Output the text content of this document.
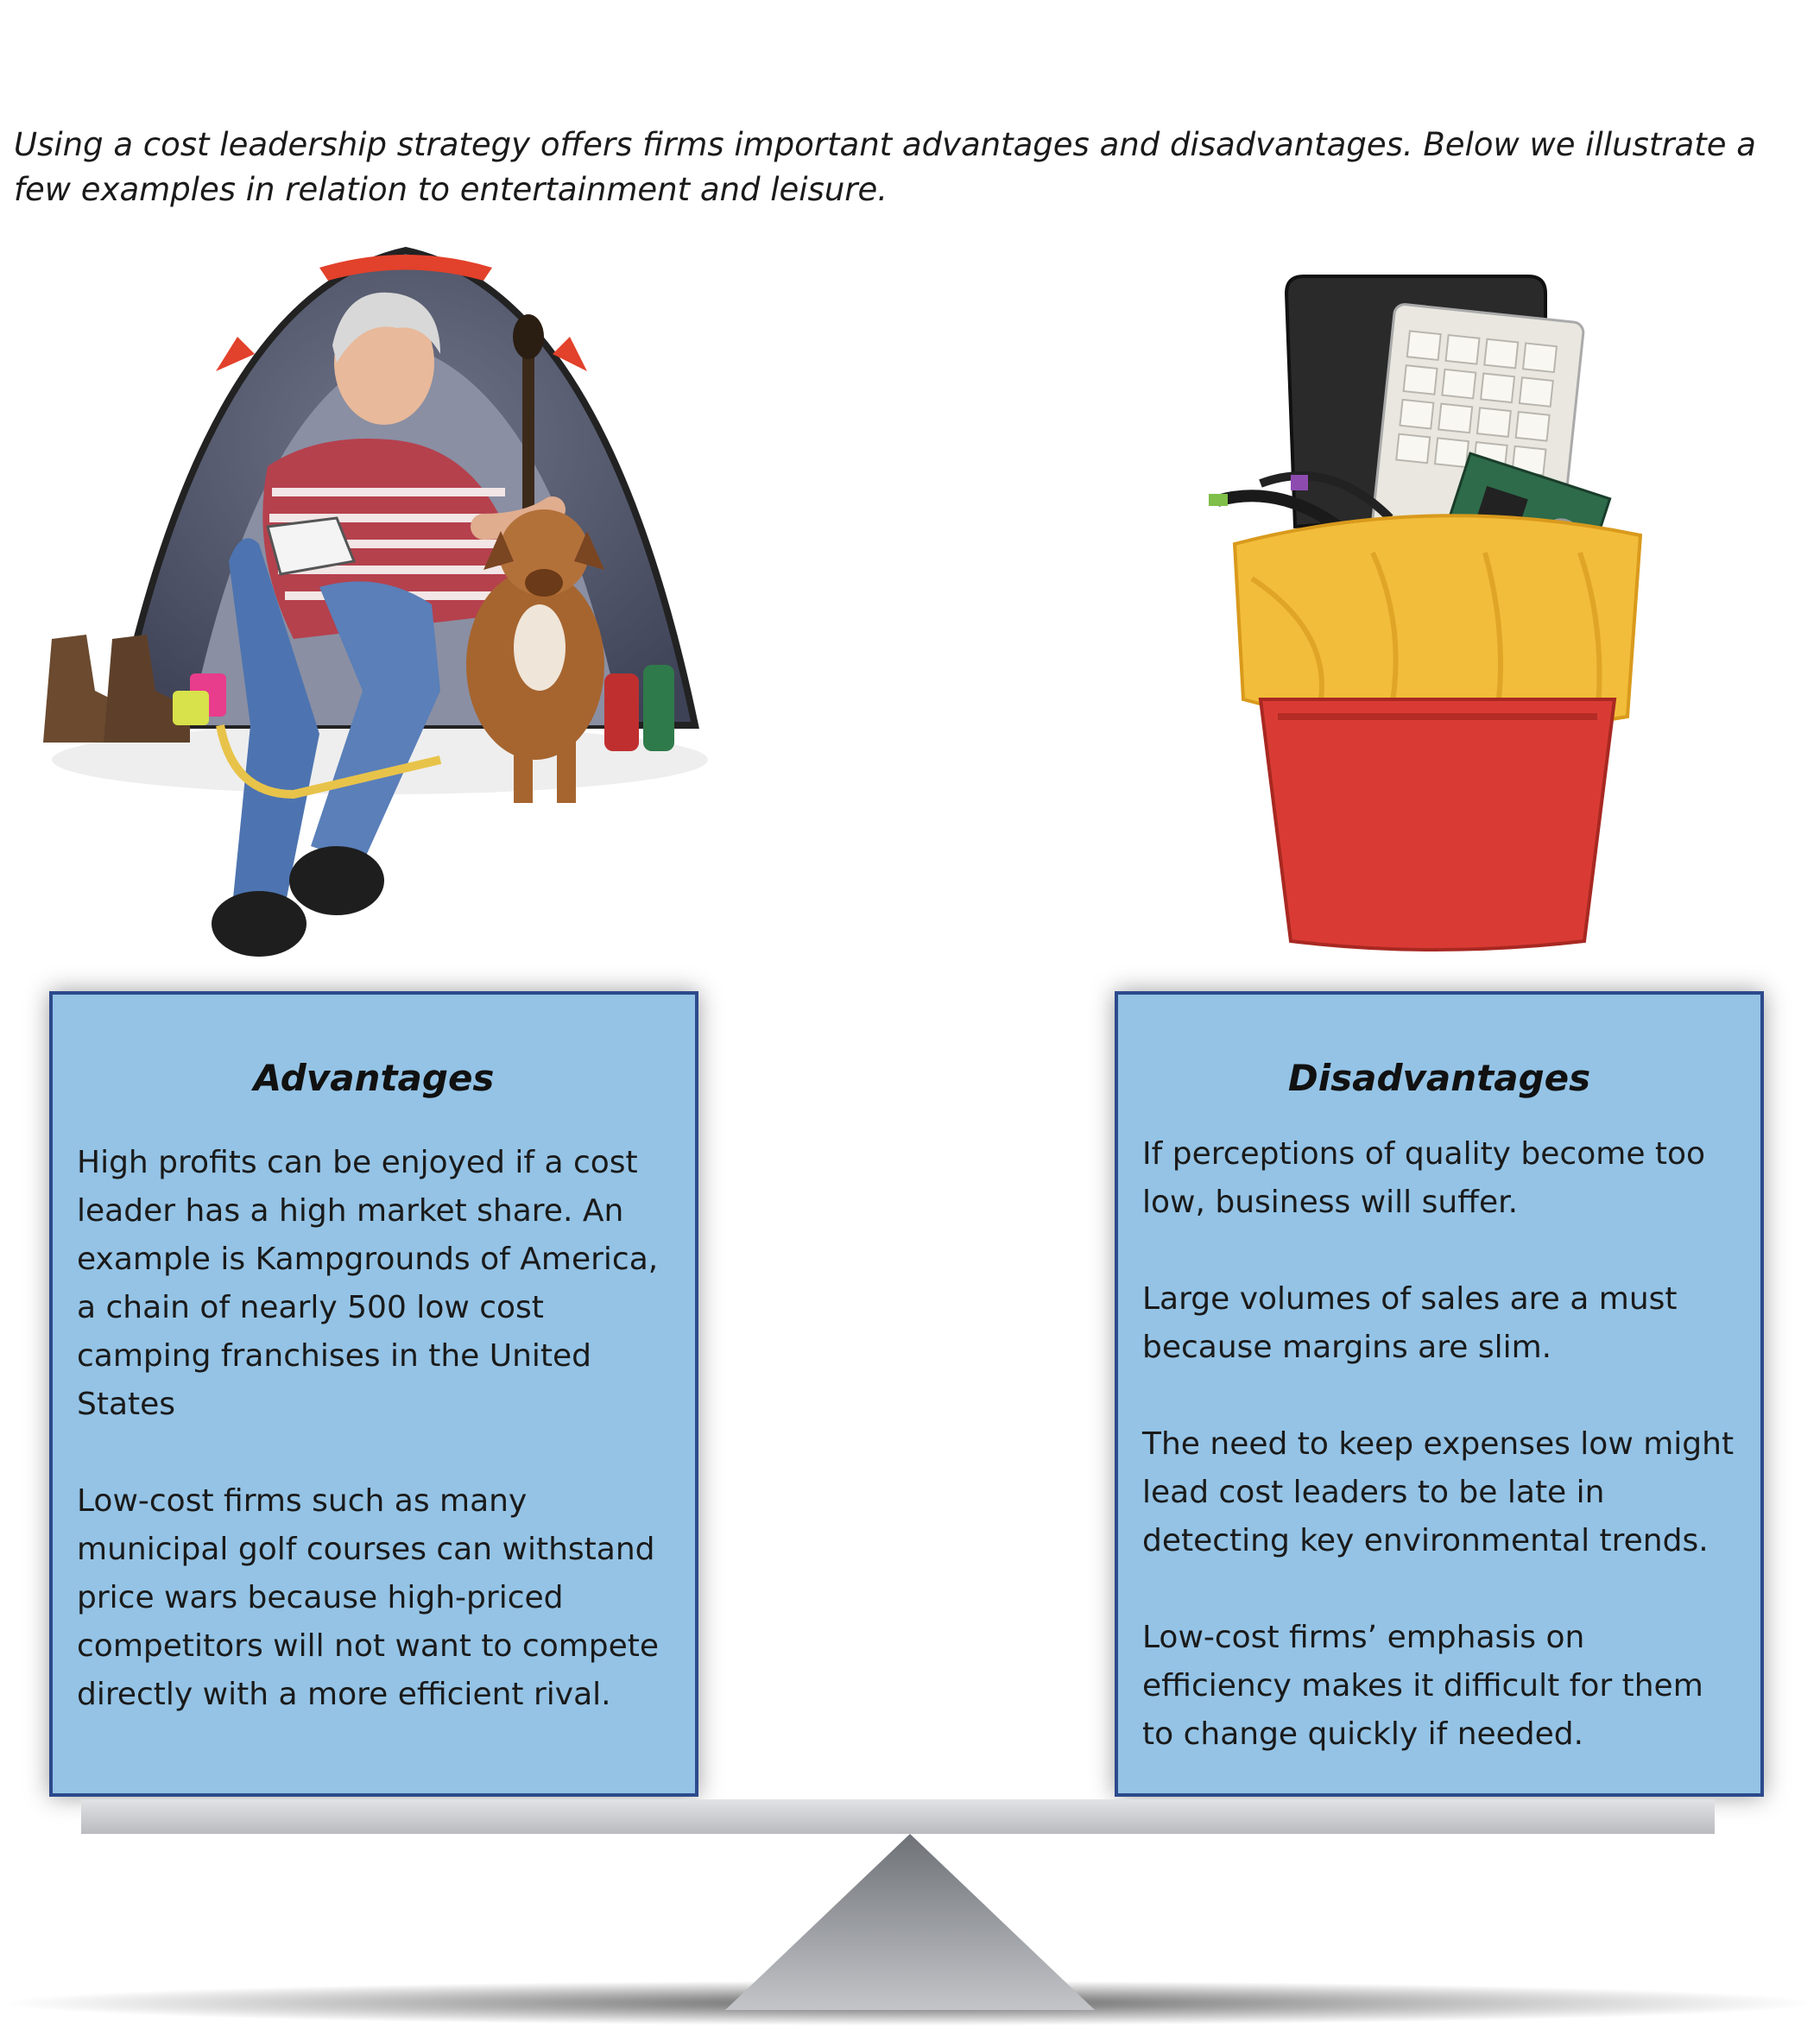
Using a cost leadership strategy offers firms important advantages and disadvantages. Below we illustrate a few examples in relation to entertainment and leisure.

Advantages

High profits can be enjoyed if a cost leader has a high market share. An example is Kampgrounds of America, a chain of nearly 500 low cost camping franchises in the United States

Low-cost firms such as many municipal golf courses can withstand price wars because high-priced competitors will not want to compete directly with a more efficient rival.

Disadvantages

If perceptions of quality become too low, business will suffer.

Large volumes of sales are a must because margins are slim.

The need to keep expenses low might lead cost leaders to be late in detecting key environmental trends.

Low-cost firms’ emphasis on efficiency makes it difficult for them to change quickly if needed.
